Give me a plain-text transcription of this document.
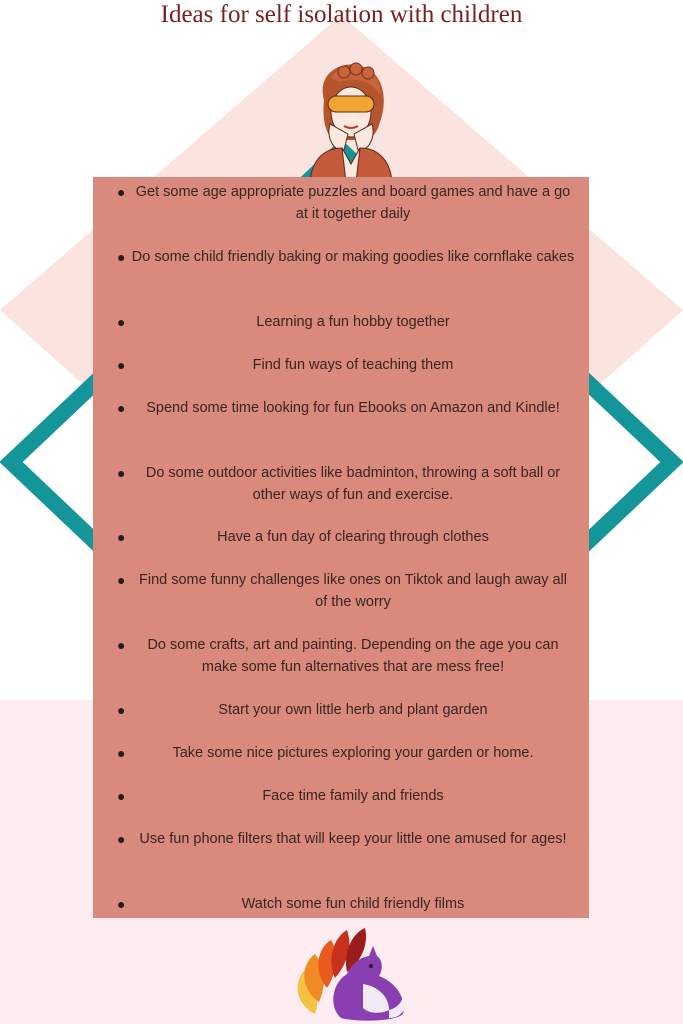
Ideas for self isolation with children
● Get some age appropriate puzzles and board games and have a go at it together daily
● Do some child friendly baking or making goodies like cornflake cakes
●	Learning a fun hobby together
●	Find fun ways of teaching them
●	Spend some time looking for fun Ebooks on Amazon and Kindle!
●	Do some outdoor activities like badminton, throwing a soft ball or other ways of fun and exercise.
●	Have a fun day of clearing through clothes
● Find some funny challenges like ones on Tiktok and laugh away all of the worry
●	Do some crafts, art and painting. Depending on the age you can make some fun alternatives that are mess free!
●	Start your own little herb and plant garden
●	Take some nice pictures exploring your garden or home.
●	Face time family and friends
● Use fun phone filters that will keep your little one amused for ages!
●	Watch some fun child friendly films
